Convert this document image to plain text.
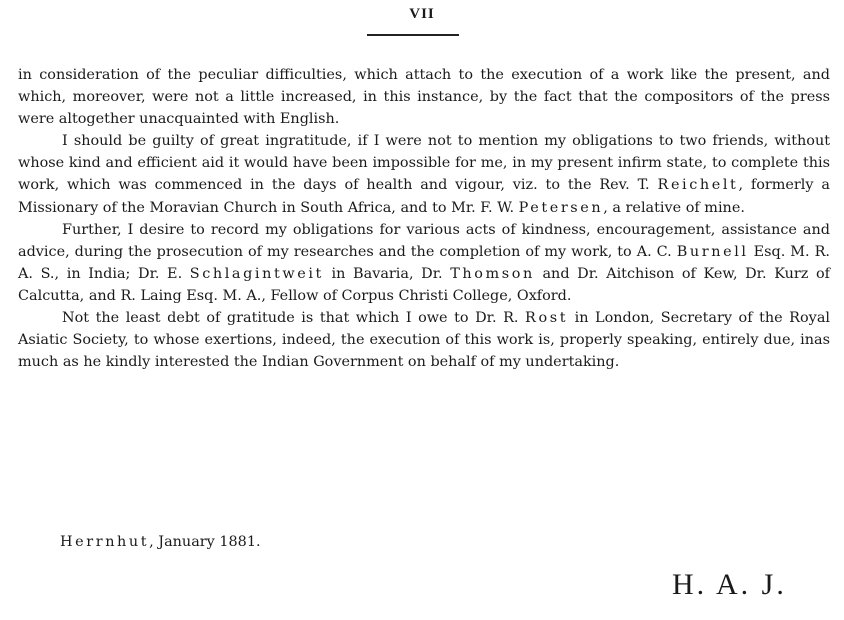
VII

in consideration of the peculiar difficulties, which attach to the execution of a work like the present, and which, moreover, were not a little increased, in this instance, by the fact that the compositors of the press were altogether unacquainted with English.

I should be guilty of great ingratitude, if I were not to mention my obligations to two friends, without whose kind and efficient aid it would have been impossible for me, in my present infirm state, to complete this work, which was commenced in the days of health and vigour, viz. to the Rev. T. Reichelt, formerly a Missionary of the Moravian Church in South Africa, and to Mr. F. W. Petersen, a relative of mine.

Further, I desire to record my obligations for various acts of kindness, encouragement, assistance and advice, during the prosecution of my researches and the completion of my work, to A. C. Burnell Esq. M. R. A. S., in India; Dr. E. Schlagintweit in Bavaria, Dr. Thomson and Dr. Aitchison of Kew, Dr. Kurz of Calcutta, and R. Laing Esq. M. A., Fellow of Corpus Christi College, Oxford.

Not the least debt of gratitude is that which I owe to Dr. R. Rost in London, Secretary of the Royal Asiatic Society, to whose exertions, indeed, the execution of this work is, properly speaking, entirely due, inas much as he kindly interested the Indian Government on behalf of my undertaking.

Herrnhut, January 1881.
H. A. J.
